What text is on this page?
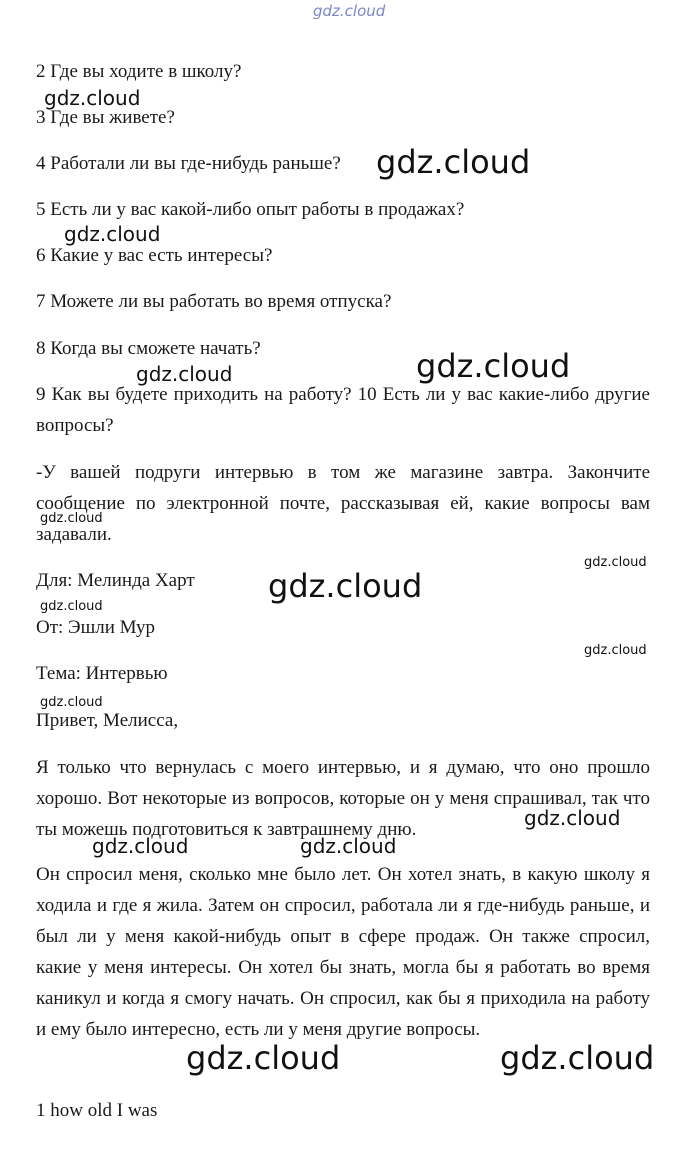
gdz.cloud
2 Где вы ходите в школу?
3 Где вы живете?
4 Работали ли вы где-нибудь раньше?
5 Есть ли у вас какой-либо опыт работы в продажах?
6 Какие у вас есть интересы?
7 Можете ли вы работать во время отпуска?
8 Когда вы сможете начать?
9 Как вы будете приходить на работу? 10 Есть ли у вас какие-либо другие вопросы?
-У вашей подруги интервью в том же магазине завтра. Закончите сообщение по электронной почте, рассказывая ей, какие вопросы вам задавали.
Для: Мелинда Харт
От: Эшли Мур
Тема: Интервью
Привет, Мелисса,
Я только что вернулась с моего интервью, и я думаю, что оно прошло хорошо. Вот некоторые из вопросов, которые он у меня спрашивал, так что ты можешь подготовиться к завтрашнему дню.
Он спросил меня, сколько мне было лет. Он хотел знать, в какую школу я ходила и где я жила. Затем он спросил, работала ли я где-нибудь раньше, и был ли у меня какой-нибудь опыт в сфере продаж. Он также спросил, какие у меня интересы. Он хотел бы знать, могла бы я работать во время каникул и когда я смогу начать. Он спросил, как бы я приходила на работу и ему было интересно, есть ли у меня другие вопросы.
1 how old I was
gdz.cloud
gdz.cloud
gdz.cloud
gdz.cloud
gdz.cloud
gdz.cloud
gdz.cloud
gdz.cloud
gdz.cloud
gdz.cloud
gdz.cloud
gdz.cloud
gdz.cloud	gdz.cloud
gdz.cloud	gdz.cloud
